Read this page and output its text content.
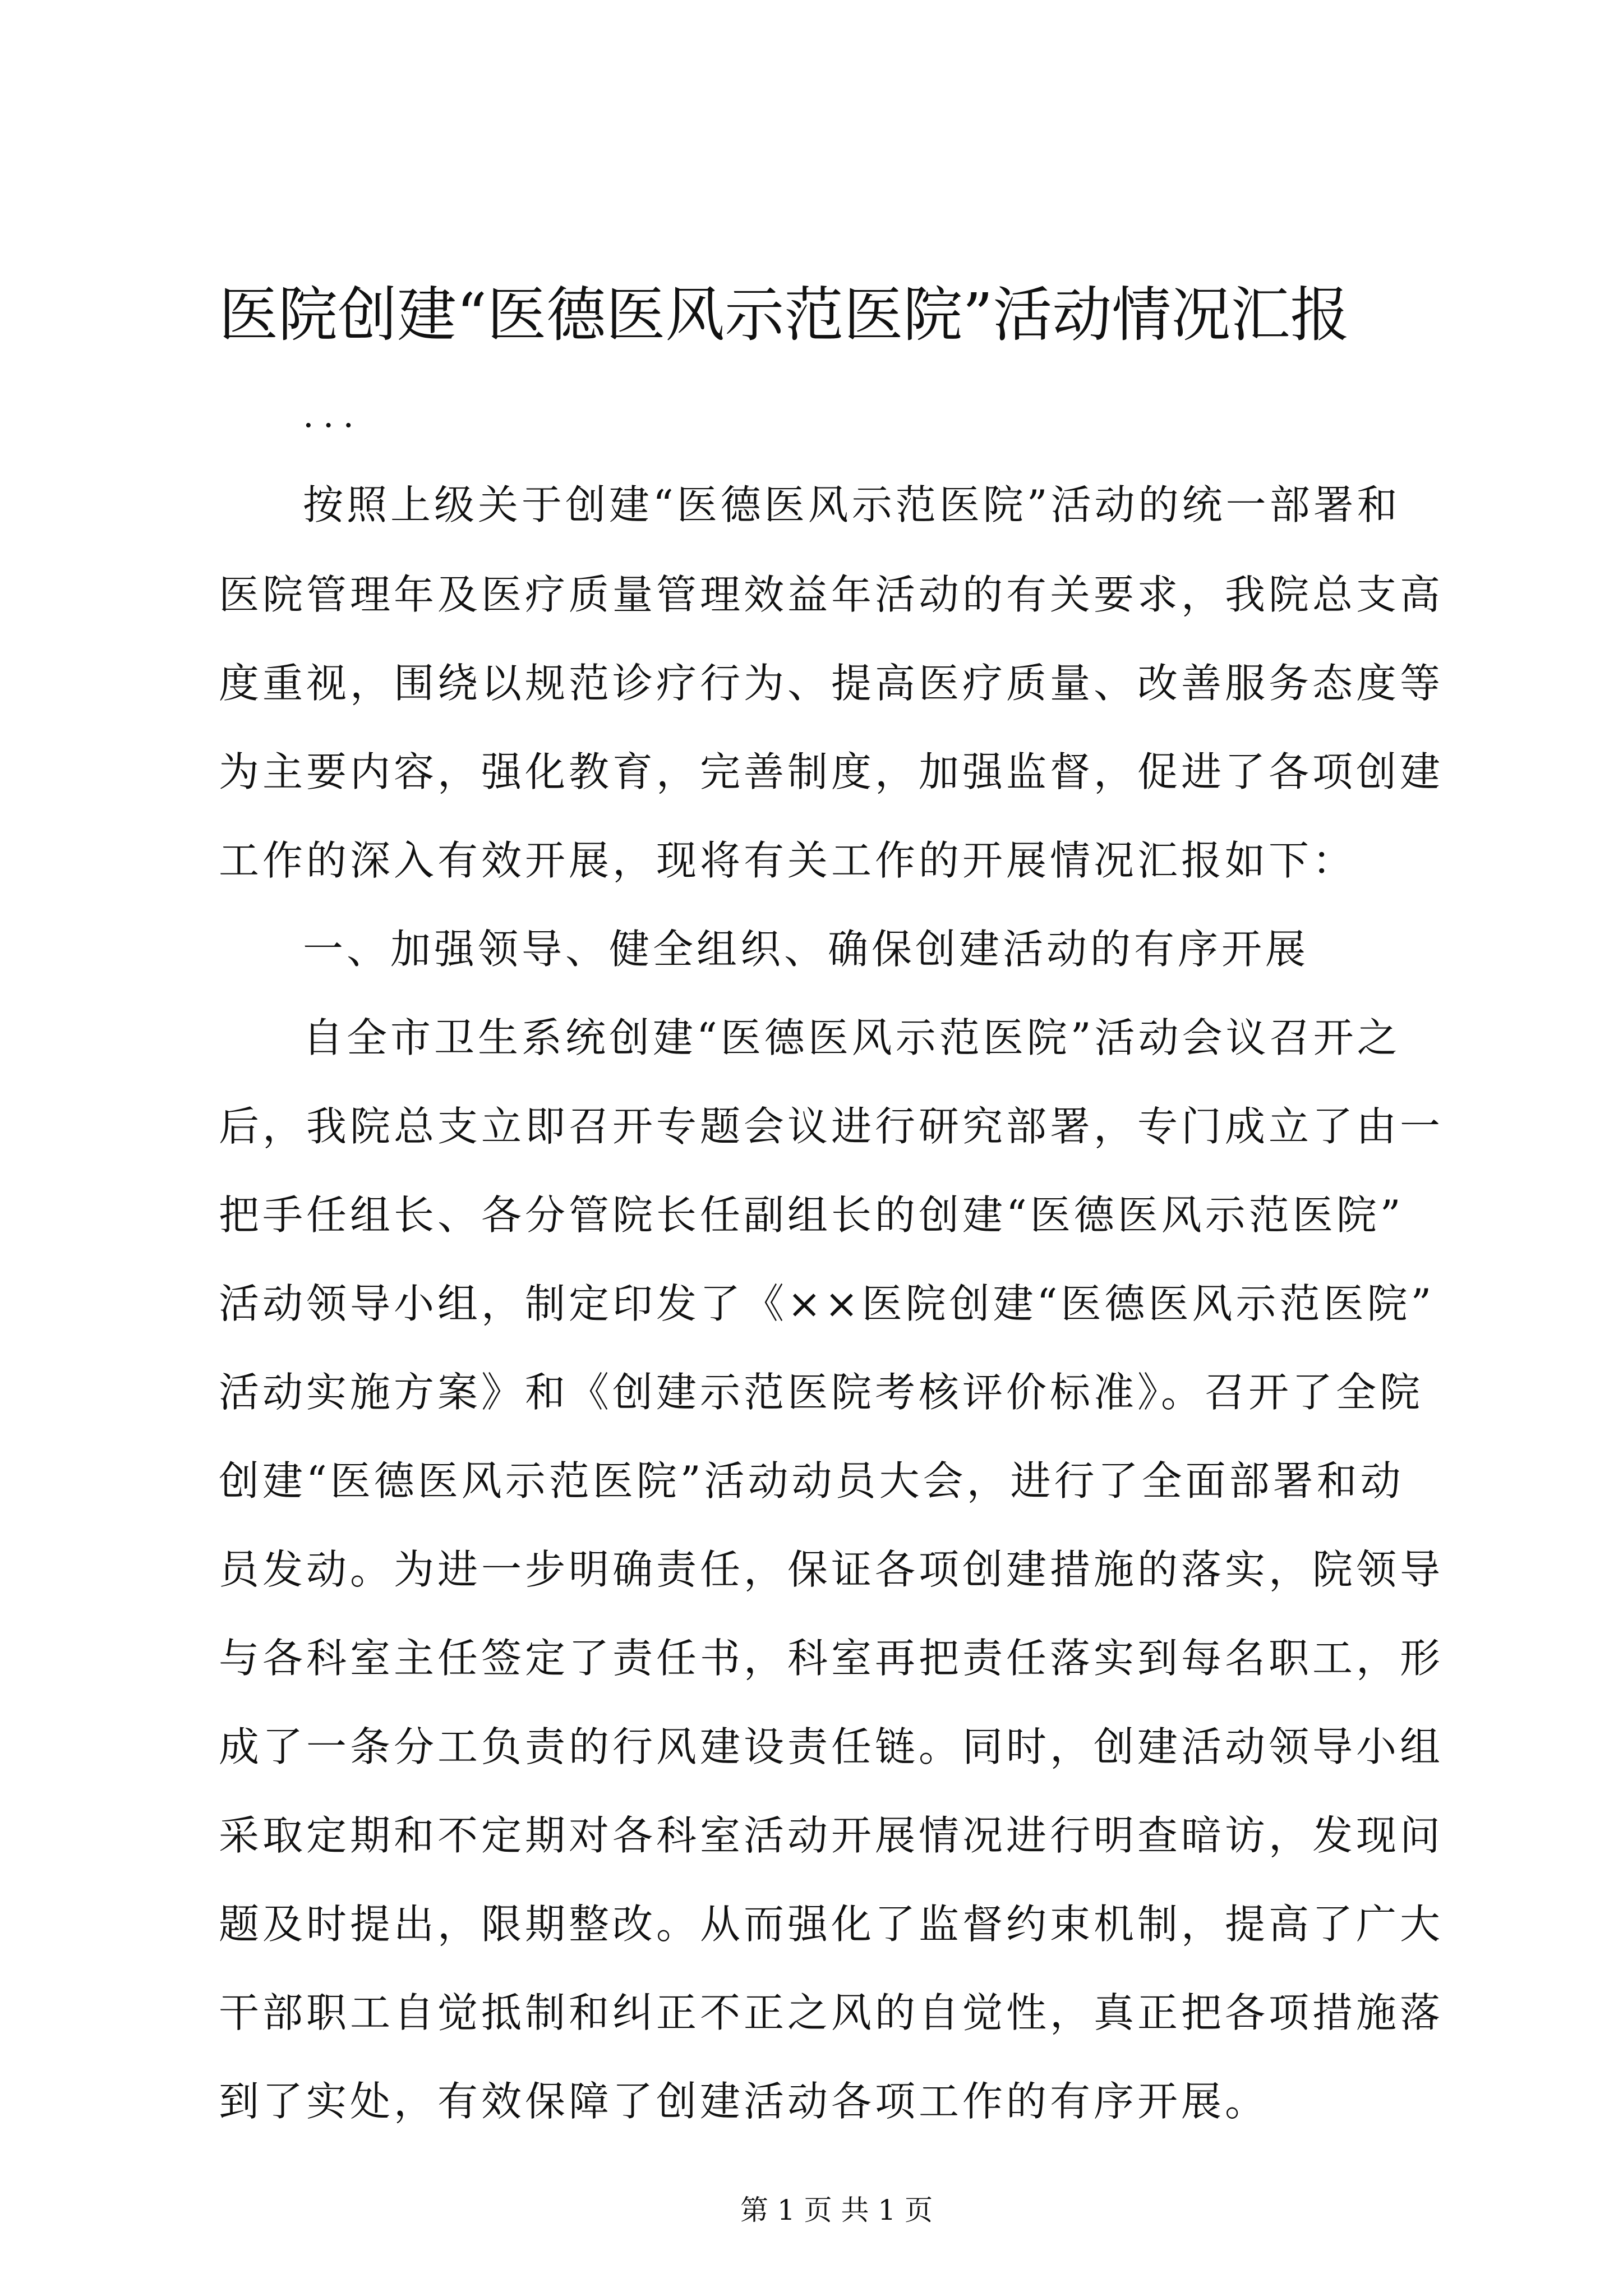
医院创建“医德医风示范医院”活动情况汇报
...
按照上级关于创建“医德医风示范医院”活动的统一部署和
医院管理年及医疗质量管理效益年活动的有关要求，我院总支高
度重视，围绕以规范诊疗行为、提高医疗质量、改善服务态度等
为主要内容，强化教育，完善制度，加强监督，促进了各项创建
工作的深入有效开展，现将有关工作的开展情况汇报如下：
一、加强领导、健全组织、确保创建活动的有序开展
自全市卫生系统创建“医德医风示范医院”活动会议召开之
后，我院总支立即召开专题会议进行研究部署，专门成立了由一
把手任组长、各分管院长任副组长的创建“医德医风示范医院”
活动领导小组，制定印发了《××医院创建“医德医风示范医院”
活动实施方案》和《创建示范医院考核评价标准》。召开了全院
创建“医德医风示范医院”活动动员大会，进行了全面部署和动
员发动。为进一步明确责任，保证各项创建措施的落实，院领导
与各科室主任签定了责任书，科室再把责任落实到每名职工，形
成了一条分工负责的行风建设责任链。同时，创建活动领导小组
采取定期和不定期对各科室活动开展情况进行明查暗访，发现问
题及时提出，限期整改。从而强化了监督约束机制，提高了广大
干部职工自觉抵制和纠正不正之风的自觉性，真正把各项措施落
到了实处，有效保障了创建活动各项工作的有序开展。
第 1 页 共 1 页
